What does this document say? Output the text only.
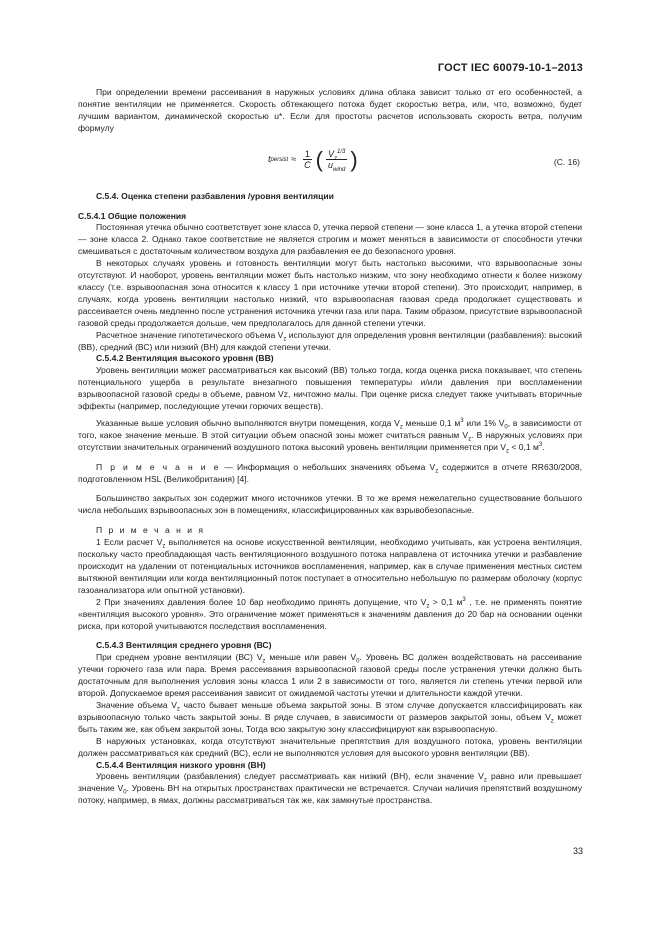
ГОСТ IEC 60079-10-1–2013

При определении времени рассеивания в наружных условиях длина облака зависит только от его особенностей, а понятие вентиляции не применяется. Скорость обтекающего потока будет скоростью ветра, или, что, возможно, будет лучшим вариантом, динамической скоростью u*. Если для простоты расчетов использовать скорость ветра, получим формулу

t persist ≈ $\frac{1}{C}$ ( $\frac{V_z^{1/3}}{u_{wind}}$ )	(C. 16)

C.5.4. Оценка степени разбавления /уровня вентиляции

C.5.4.1 Общие положения

Постоянная утечка обычно соответствует зоне класса 0, утечка первой степени — зоне класса 1, а утечка второй степени — зоне класса 2. Однако такое соответствие не является строгим и может меняться в зависимости от способности утечки смешиваться с достаточным количеством воздуха для разбавления ее до безопасного уровня.

В некоторых случаях уровень и готовность вентиляции могут быть настолько высокими, что взрывоопасные зоны отсутствуют. И наоборот, уровень вентиляции может быть настолько низким, что зону необходимо отнести к более низкому классу (т.е. взрывоопасная зона относится к классу 1 при источнике утечки второй степени). Это происходит, например, в случаях, когда уровень вентиляции настолько низкий, что взрывоопасная газовая среда продолжает существовать и рассеивается очень медленно после устранения источника утечки газа или пара. Таким образом, присутствие взрывоопасной газовой среды продолжается дольше, чем предполагалось для данной степени утечки.

Расчетное значение гипотетического объема $V_z$ используют для определения уровня вентиляции (разбавления): высокий (ВВ), средний (ВС) или низкий (ВН) для каждой степени утечки.

C.5.4.2 Вентиляция высокого уровня (ВВ)

Уровень вентиляции может рассматриваться как высокий (ВВ) только тогда, когда оценка риска показывает, что степень потенциального ущерба в результате внезапного повышения температуры и/или давления при воспламенении взрывоопасной газовой среды в объеме, равном Vz, ничтожно малы. При оценке риска следует также учитывать вторичные эффекты (например, последующие утечки горючих веществ).

Указанные выше условия обычно выполняются внутри помещения, когда $V_z$ меньше 0,1 $м^3$ или 1% $V_0$, в зависимости от того, какое значение меньше. В этой ситуации объем опасной зоны может считаться равным $V_z$. В наружных условиях при отсутствии значительных ограничений воздушного потока высокий уровень вентиляции применяется при $V_z < 0,1$ $м^3$.

П р и м е ч а н и е — Информация о небольших значениях объема $V_z$ содержится в отчете RR630/2008, подготовленном HSL (Великобритания) [4].

Большинство закрытых зон содержит много источников утечки. В то же время нежелательно существование большого числа небольших взрывоопасных зон в помещениях, классифицированных как взрывобезопасные.

П р и м е ч а н и я

1 Если расчет $V_z$ выполняется на основе искусственной вентиляции, необходимо учитывать, как устроена вентиляция, поскольку часто преобладающая часть вентиляционного воздушного потока направлена от источника утечки и разбавление происходит на удалении от потенциальных источников воспламенения, например, как в случае применения местных систем вытяжной вентиляции или когда вентиляционный поток поступает в относительно небольшую по размерам оболочку (корпус газоанализатора или опытной установки).

2 При значениях давления более 10 бар необходимо принять допущение, что $V_z > 0,1$ $м^3$ , т.е. не применять понятие «вентиляция высокого уровня». Это ограничение может применяться к значениям давления до 20 бар на основании оценки риска, при которой учитываются последствия воспламенения.

C.5.4.3 Вентиляция среднего уровня (ВС)

При среднем уровне вентиляции (ВС) $V_z$ меньше или равен $V_0$. Уровень ВС должен воздействовать на рассеивание утечки горючего газа или пара. Время рассеивания взрывоопасной газовой среды после устранения утечки должно быть достаточным для выполнения условия зоны класса 1 или 2 в зависимости от того, является ли степень утечки первой или второй. Допускаемое время рассеивания зависит от ожидаемой частоты утечки и длительности каждой утечки.

Значение объема $V_z$ часто бывает меньше объема закрытой зоны. В этом случае допускается классифицировать как взрывоопасную только часть закрытой зоны. В ряде случаев, в зависимости от размеров закрытой зоны, объем $V_z$ может быть таким же, как объем закрытой зоны. Тогда всю закрытую зону классифицируют как взрывоопасную.

В наружных установках, когда отсутствуют значительные препятствия для воздушного потока, уровень вентиляции должен рассматриваться как средний (ВС), если не выполняются условия для высокого уровня вентиляции (ВВ).

C.5.4.4 Вентиляция низкого уровня (ВН)

Уровень вентиляции (разбавления) следует рассматривать как низкий (ВН), если значение $V_z$ равно или превышает значение $V_0$. Уровень ВН на открытых пространствах практически не встречается. Случаи наличия препятствий воздушному потоку, например, в ямах, должны рассматриваться так же, как замкнутые пространства.

33
